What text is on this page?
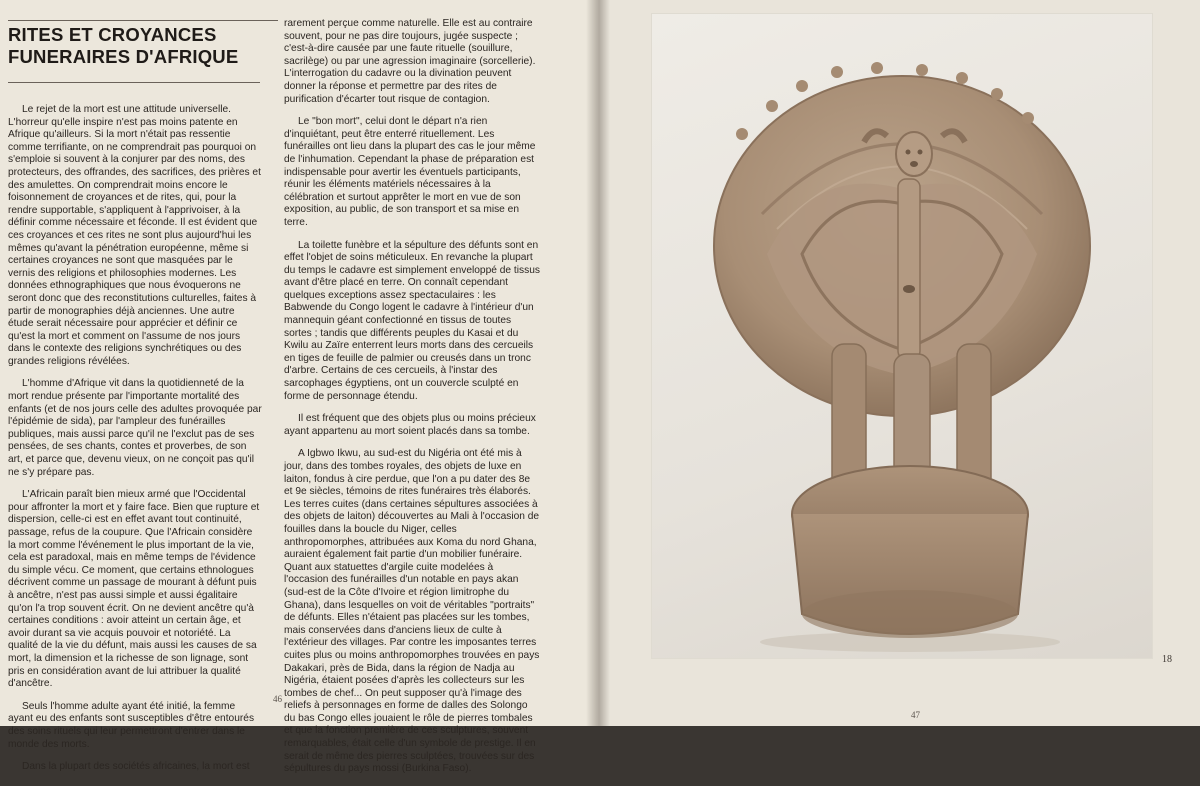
RITES ET CROYANCES
FUNERAIRES D'AFRIQUE

Le rejet de la mort est une attitude universelle. L'horreur qu'elle inspire n'est pas moins patente en Afrique qu'ailleurs. Si la mort n'était pas ressentie comme terrifiante, on ne comprendrait pas pourquoi on s'emploie si souvent à la conjurer par des noms, des protecteurs, des offrandes, des sacrifices, des prières et des amulettes. On comprendrait moins encore le foisonnement de croyances et de rites, qui, pour la rendre supportable, s'appliquent à l'apprivoiser, à la définir comme nécessaire et féconde. Il est évident que ces croyances et ces rites ne sont plus aujourd'hui les mêmes qu'avant la pénétration européenne, même si certaines croyances ne sont que masquées par le vernis des religions et philosophies modernes. Les données ethnographiques que nous évoquerons ne seront donc que des reconstitutions culturelles, faites à partir de monographies déjà anciennes. Une autre étude serait nécessaire pour apprécier et définir ce qu'est la mort et comment on l'assume de nos jours dans le contexte des religions synchrétiques ou des grandes religions révélées.

L'homme d'Afrique vit dans la quotidienneté de la mort rendue présente par l'importante mortalité des enfants (et de nos jours celle des adultes provoquée par l'épidémie de sida), par l'ampleur des funérailles publiques, mais aussi parce qu'il ne l'exclut pas de ses pensées, de ses chants, contes et proverbes, de son art, et parce que, devenu vieux, on ne conçoit pas qu'il ne s'y prépare pas.

L'Africain paraît bien mieux armé que l'Occidental pour affronter la mort et y faire face. Bien que rupture et dispersion, celle-ci est en effet avant tout continuité, passage, refus de la coupure. Que l'Africain considère la mort comme l'événement le plus important de la vie, cela est paradoxal, mais en même temps de l'évidence du simple vécu. Ce moment, que certains ethnologues décrivent comme un passage de mourant à défunt puis à ancêtre, n'est pas aussi simple et aussi égalitaire qu'on l'a trop souvent écrit. On ne devient ancêtre qu'à certaines conditions : avoir atteint un certain âge, et avoir durant sa vie acquis pouvoir et notoriété. La qualité de la vie du défunt, mais aussi les causes de sa mort, la dimension et la richesse de son lignage, sont pris en considération avant de lui attribuer la qualité d'ancêtre.

Seuls l'homme adulte ayant été initié, la femme ayant eu des enfants sont susceptibles d'être entourés des soins rituels qui leur permettront d'entrer dans le monde des morts.

Dans la plupart des sociétés africaines, la mort est

rarement perçue comme naturelle. Elle est au contraire souvent, pour ne pas dire toujours, jugée suspecte ; c'est-à-dire causée par une faute rituelle (souillure, sacrilège) ou par une agression imaginaire (sorcellerie). L'interrogation du cadavre ou la divination peuvent donner la réponse et permettre par des rites de purification d'écarter tout risque de contagion.

Le "bon mort", celui dont le départ n'a rien d'inquiétant, peut être enterré rituellement. Les funérailles ont lieu dans la plupart des cas le jour même de l'inhumation. Cependant la phase de préparation est indispensable pour avertir les éventuels participants, réunir les éléments matériels nécessaires à la célébration et surtout apprêter le mort en vue de son exposition, au public, de son transport et sa mise en terre.

La toilette funèbre et la sépulture des défunts sont en effet l'objet de soins méticuleux. En revanche la plupart du temps le cadavre est simplement enveloppé de tissus avant d'être placé en terre. On connaît cependant quelques exceptions assez spectaculaires : les Babwende du Congo logent le cadavre à l'intérieur d'un mannequin géant confectionné en tissus de toutes sortes ; tandis que différents peuples du Kasai et du Kwilu au Zaïre enterrent leurs morts dans des cercueils en tiges de feuille de palmier ou creusés dans un tronc d'arbre. Certains de ces cercueils, à l'instar des sarcophages égyptiens, ont un couvercle sculpté en forme de personnage étendu.

Il est fréquent que des objets plus ou moins précieux ayant appartenu au mort soient placés dans sa tombe.

A Igbwo Ikwu, au sud-est du Nigéria ont été mis à jour, dans des tombes royales, des objets de luxe en laiton, fondus à cire perdue, que l'on a pu dater des 8e et 9e siècles, témoins de rites funéraires très élaborés. Les terres cuites (dans certaines sépultures associées à des objets de laiton) découvertes au Mali à l'occasion de fouilles dans la boucle du Niger, celles anthropomorphes, attribuées aux Koma du nord Ghana, auraient également fait partie d'un mobilier funéraire. Quant aux statuettes d'argile cuite modelées à l'occasion des funérailles d'un notable en pays akan (sud-est de la Côte d'Ivoire et région limitrophe du Ghana), dans lesquelles on voit de véritables "portraits" de défunts. Elles n'étaient pas placées sur les tombes, mais conservées dans d'anciens lieux de culte à l'extérieur des villages. Par contre les imposantes terres cuites plus ou moins anthropomorphes trouvées en pays Dakakari, près de Bida, dans la région de Nadja au Nigéria, étaient posées d'après les collecteurs sur les tombes de chef... On peut supposer qu'à l'image des reliefs à personnages en forme de dalles des Solongo du bas Congo elles jouaient le rôle de pierres tombales et que la fonction première de ces sculptures, souvent remarquables, était celle d'un symbole de prestige. Il en serait de même des pierres sculptées, trouvées sur des sépultures du pays mossi (Burkina Faso).

46
18
47
